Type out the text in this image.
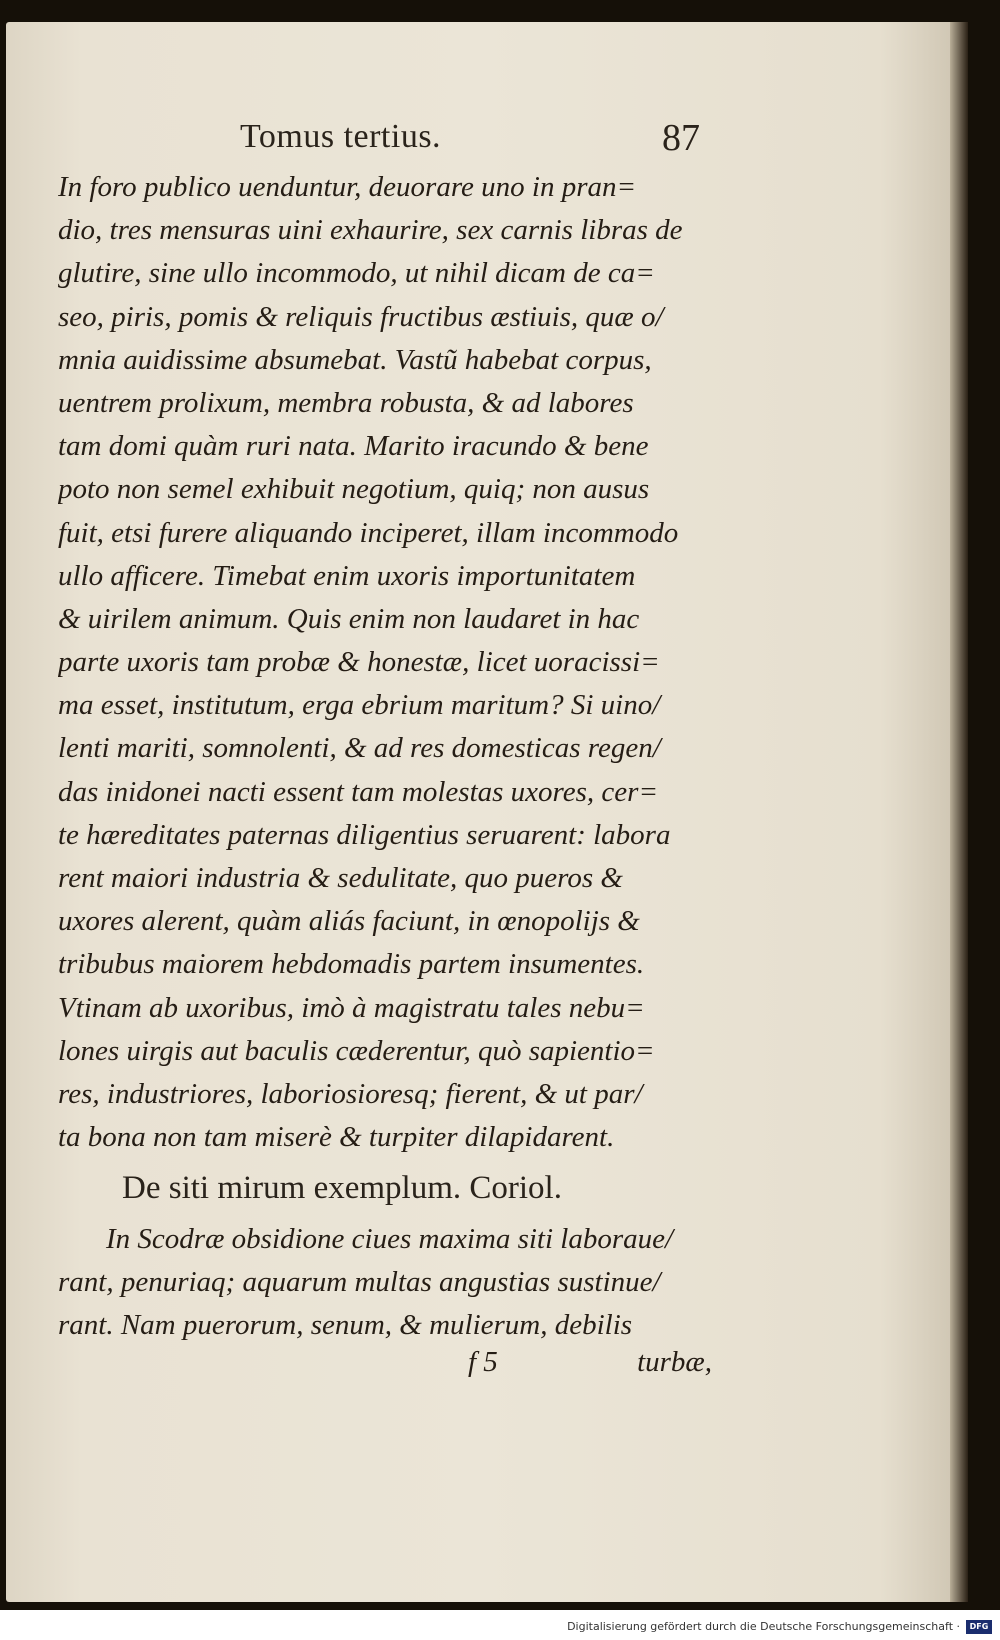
Tomus tertius.	87
In foro publico uenduntur, deuorare uno in pran=
dio, tres mensuras uini exhaurire, sex carnis libras de
glutire, sine ullo incommodo, ut nihil dicam de ca=
seo, piris, pomis & reliquis fructibus æstiuis, quæ o/
mnia auidissime absumebat. Vastũ habebat corpus,
uentrem prolixum, membra robusta, & ad labores
tam domi quàm ruri nata. Marito iracundo & bene
poto non semel exhibuit negotium, quiq; non ausus
fuit, etsi furere aliquando inciperet, illam incommodo
ullo afficere. Timebat enim uxoris importunitatem
& uirilem animum. Quis enim non laudaret in hac
parte uxoris tam probæ & honestæ, licet uoracissi=
ma esset, institutum, erga ebrium maritum? Si uino/
lenti mariti, somnolenti, & ad res domesticas regen/
das inidonei nacti essent tam molestas uxores, cer=
te hæreditates paternas diligentius seruarent: labora
rent maiori industria & sedulitate, quo pueros &
uxores alerent, quàm aliás faciunt, in œnopolijs &
tribubus maiorem hebdomadis partem insumentes.
Vtinam ab uxoribus, imò à magistratu tales nebu=
lones uirgis aut baculis cæderentur, quò sapientio=
res, industriores, laboriosioresq; fierent, & ut par/
ta bona non tam miserè & turpiter dilapidarent.
De siti mirum exemplum. Coriol.
In Scodræ obsidione ciues maxima siti laboraue/
rant, penuriaq; aquarum multas angustias sustinue/
rant. Nam puerorum, senum, & mulierum, debilis
f 5	turbæ,
Digitalisierung gefördert durch die Deutsche Forschungsgemeinschaft ·	DFG
